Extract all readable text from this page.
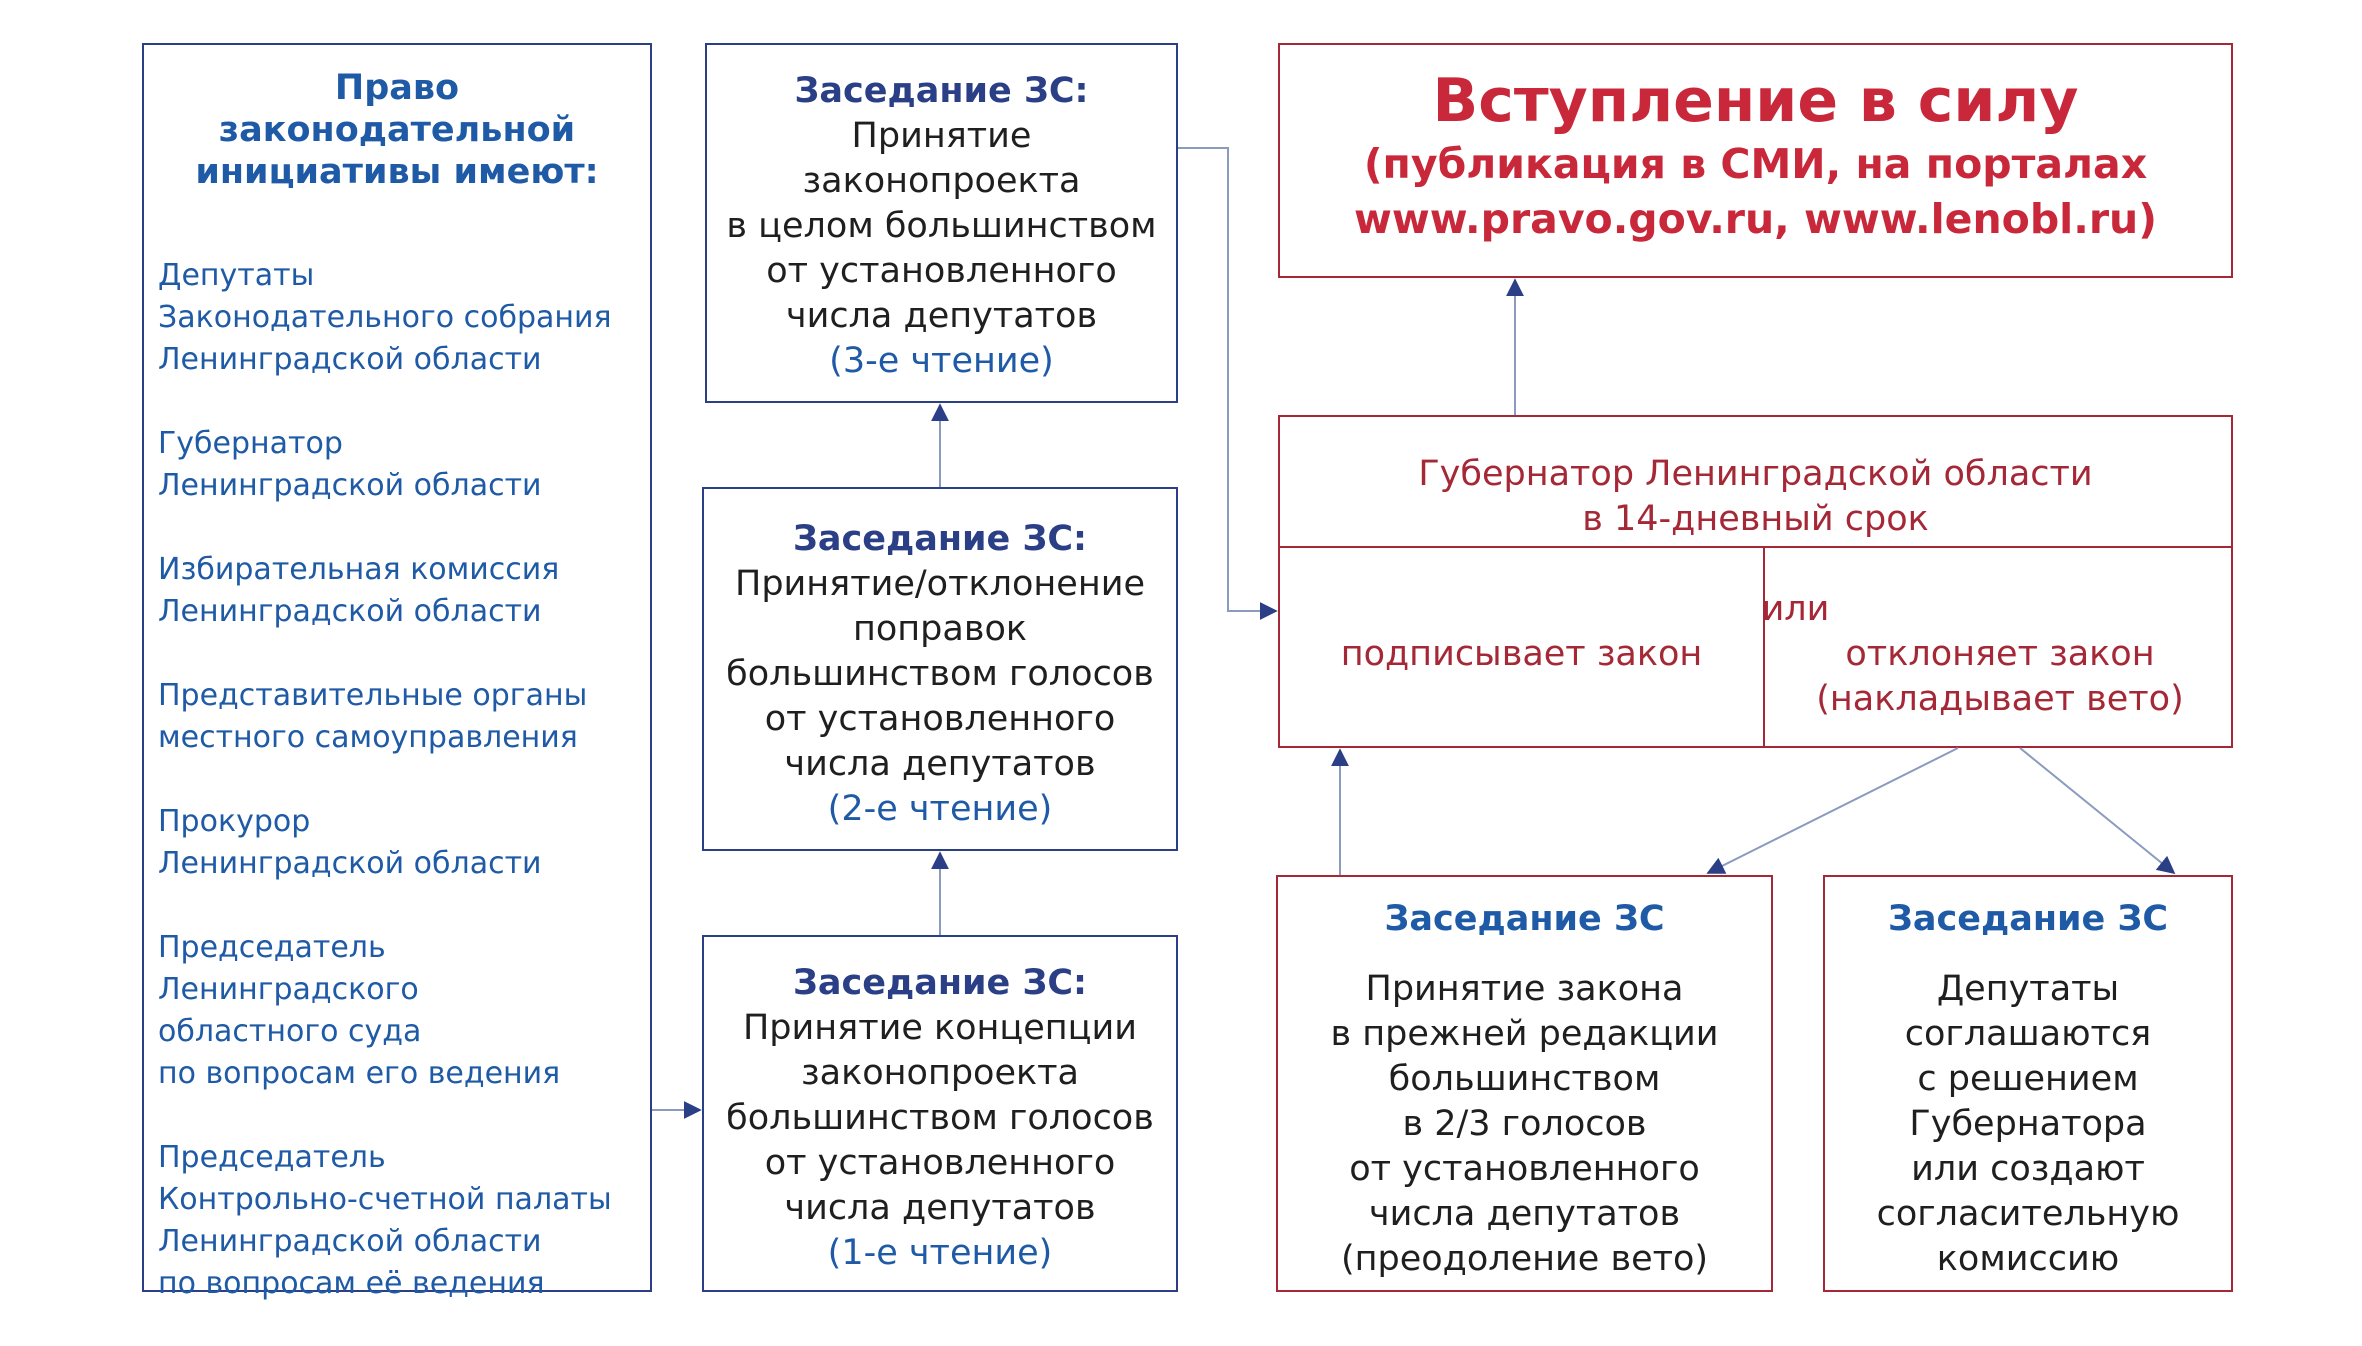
Право
законодательной
инициативы имеют:
Депутаты
Законодательного собрания
Ленинградской области
Губернатор
Ленинградской области
Избирательная комиссия
Ленинградской области
Представительные органы
местного самоуправления
Прокурор
Ленинградской области
Председатель Ленинградского
областного суда
по вопросам его ведения
Председатель
Контрольно-счетной палаты
Ленинградской области
по вопросам её ведения
Заседание ЗС:
Принятие
законопроекта
в целом большинством
от установленного
числа депутатов
(3-е чтение)
Заседание ЗС:
Принятие/отклонение
поправок
большинством голосов
от установленного
числа депутатов
(2-е чтение)
Заседание ЗС:
Принятие концепции
законопроекта
большинством голосов
от установленного
числа депутатов
(1-е чтение)
Вступление в силу
(публикация в СМИ, на порталах
www.pravo.gov.ru, www.lenobl.ru)
Губернатор Ленинградской области
в 14-дневный срок
или
подписывает закон	отклоняет закон
(накладывает вето)
Заседание ЗС
Принятие закона
в прежней редакции
большинством
в 2/3 голосов
от установленного
числа депутатов
(преодоление вето)
Заседание ЗС
Депутаты
соглашаются
с решением
Губернатора
или создают
согласительную
комиссию
